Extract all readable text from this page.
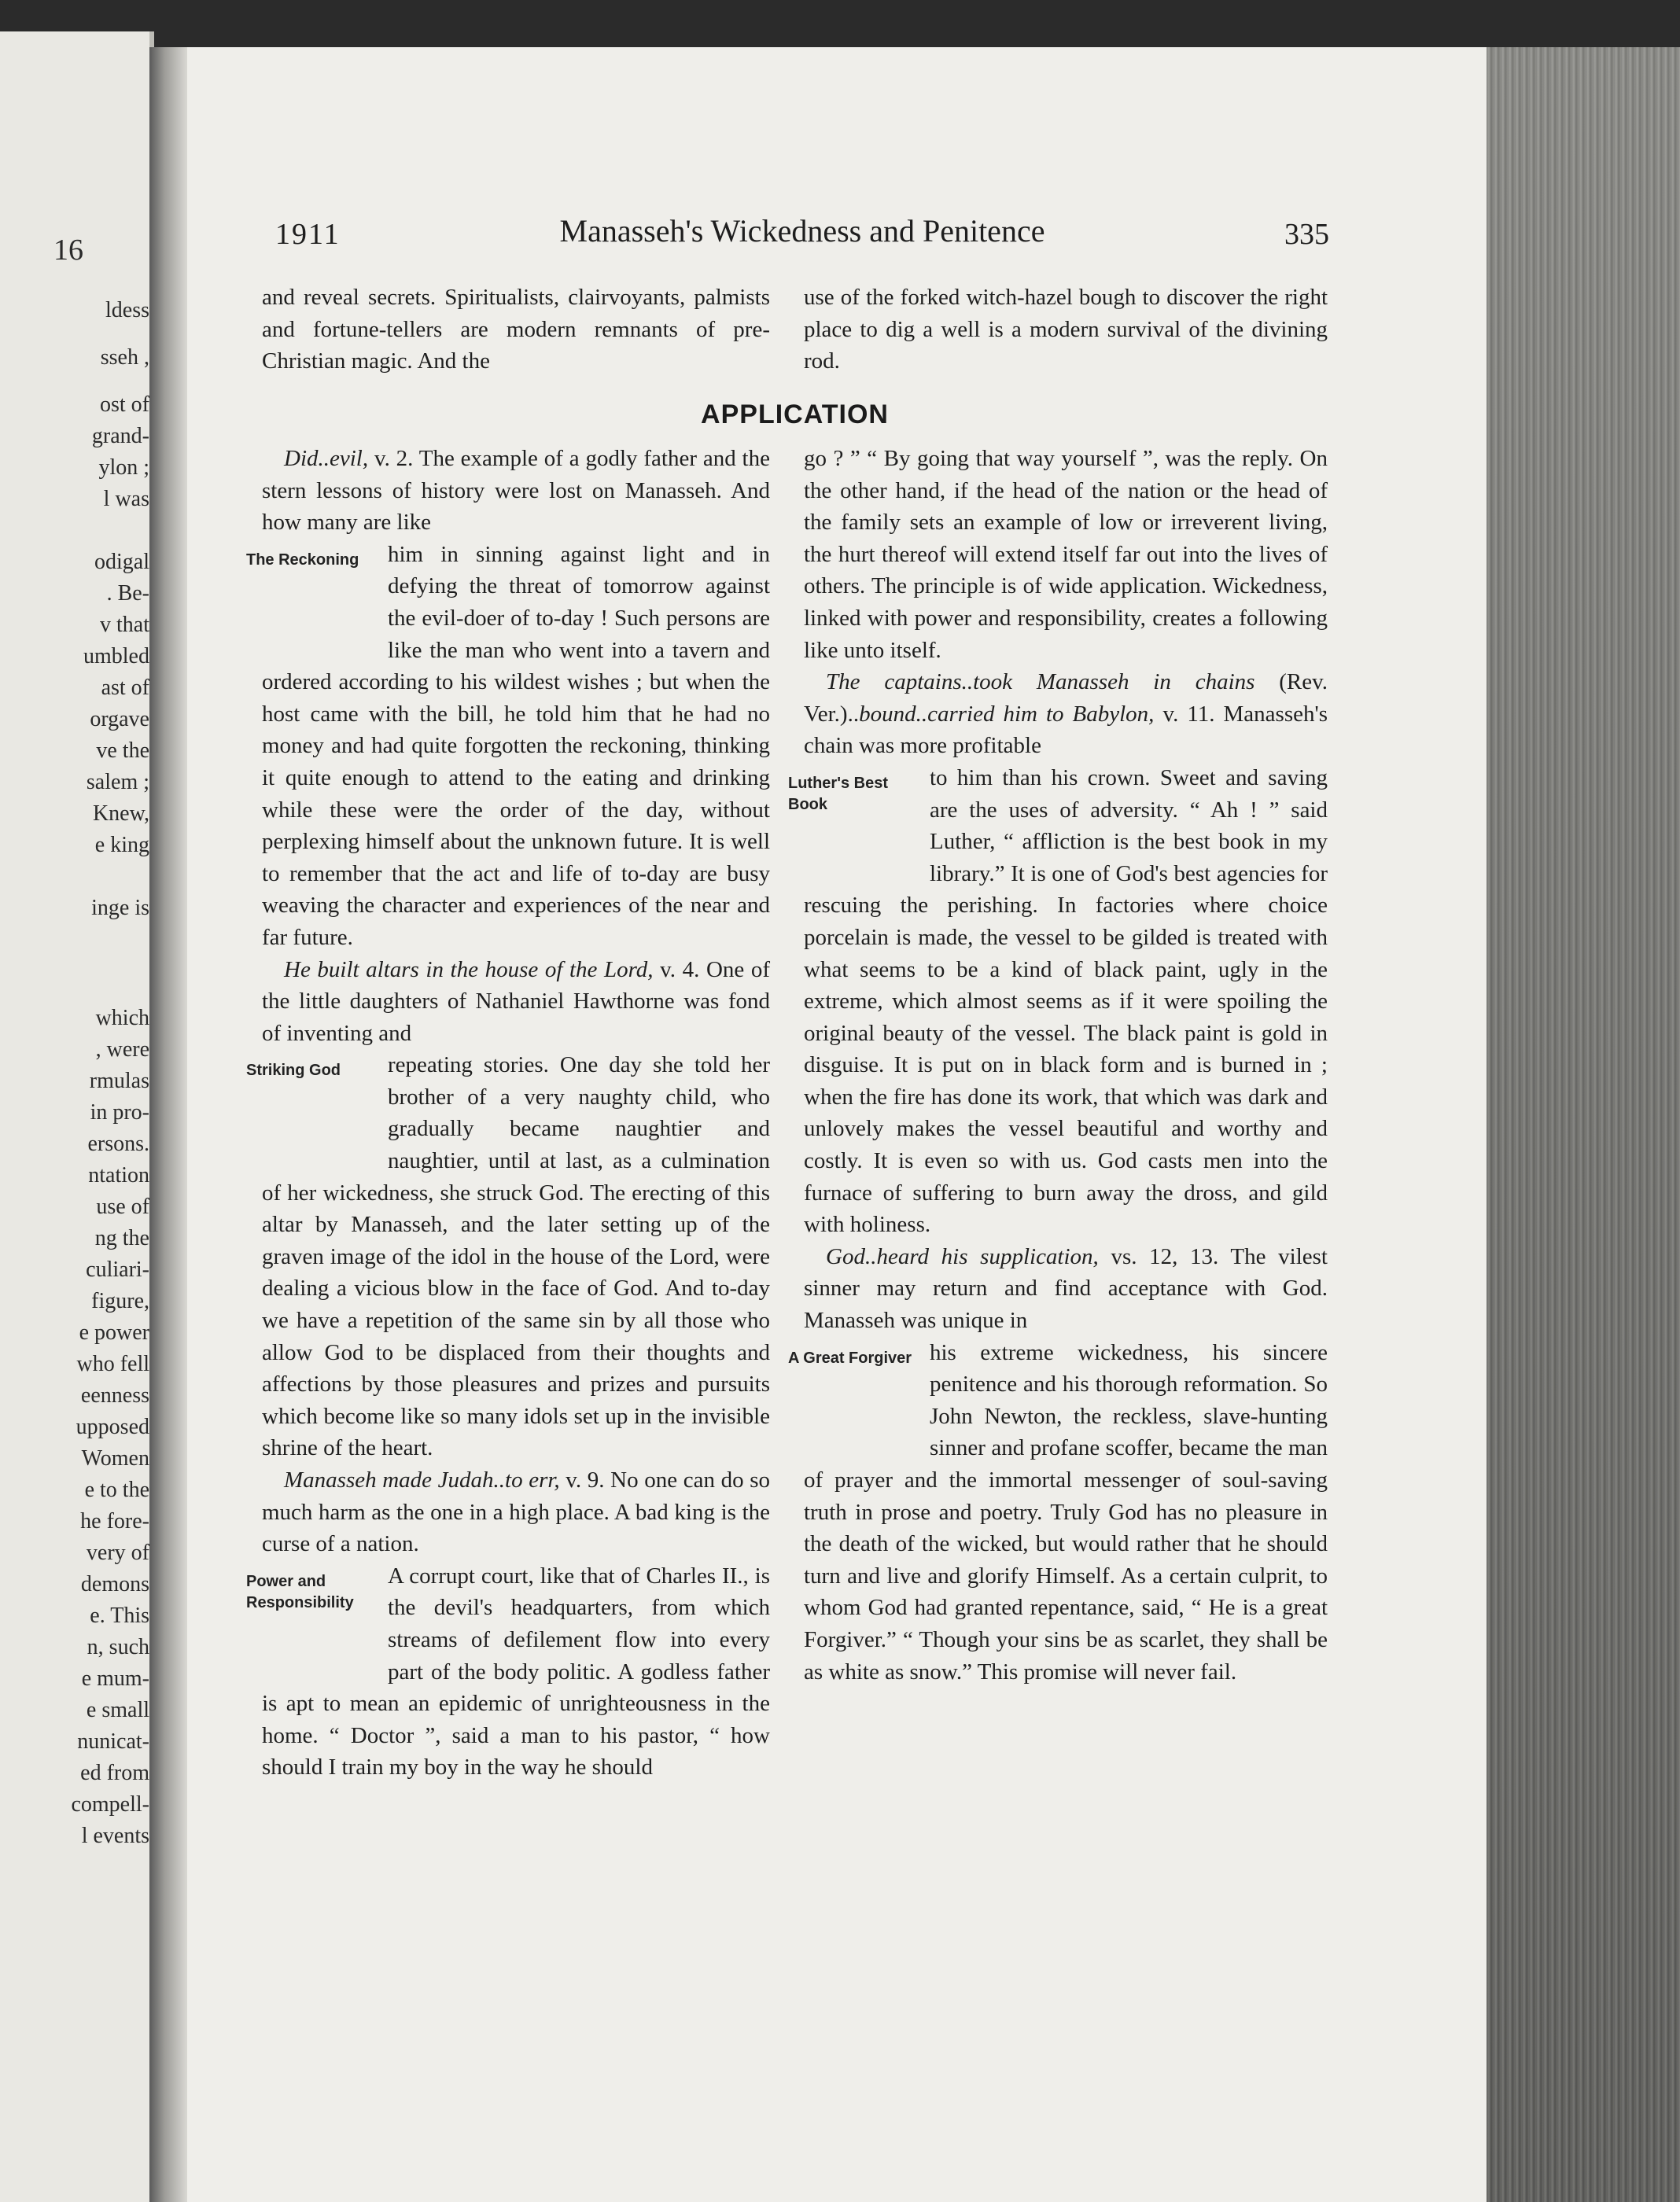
16
ldess
sseh ,
ost of
grand-
ylon ;
l was
odigal
. Be-
v that
umbled
ast of
orgave
ve the
salem ;
Knew,
e king
inge is
which
, were
rmulas
in pro-
ersons.
ntation
use of
ng the
culiari-
figure,
e power
who fell
eenness
upposed
Women
e to the
he fore-
very of
demons
e. This
n, such
e mum-
e small
nunicat-
ed from
compell-
l events
1911	Manasseh's Wickedness and Penitence	335

and reveal secrets. Spiritualists, clairvoyants, palmists and fortune-tellers are modern remnants of pre-Christian magic. And the

use of the forked witch-hazel bough to discover the right place to dig a well is a modern survival of the divining rod.

APPLICATION

Did..evil, v. 2. The example of a godly father and the stern lessons of history were lost on Manasseh. And how many are like

The Reckoning	him in sinning against light and in defying the threat of tomorrow against the evil-doer of to-day ! Such persons are like the man who went into a tavern and ordered according to his wildest wishes ; but when the host came with the bill, he told him that he had no money and had quite forgotten the reckoning, thinking it quite enough to attend to the eating and drinking while these were the order of the day, without perplexing himself about the unknown future. It is well to remember that the act and life of to-day are busy weaving the character and experiences of the near and far future.

He built altars in the house of the Lord, v. 4. One of the little daughters of Nathaniel Hawthorne was fond of inventing and

Striking God	repeating stories. One day she told her brother of a very naughty child, who gradually became naughtier and naughtier, until at last, as a culmination of her wickedness, she struck God. The erecting of this altar by Manasseh, and the later setting up of the graven image of the idol in the house of the Lord, were dealing a vicious blow in the face of God. And to-day we have a repetition of the same sin by all those who allow God to be displaced from their thoughts and affections by those pleasures and prizes and pursuits which become like so many idols set up in the invisible shrine of the heart.

Manasseh made Judah..to err, v. 9. No one can do so much harm as the one in a high place. A bad king is the curse of a nation.

Power and Responsibility
A corrupt court, like that of Charles II., is the devil's headquarters, from which streams of defilement flow into every part of the body politic. A godless father is apt to mean an epidemic of unrighteousness in the home. “ Doctor ”, said a man to his pastor, “ how should I train my boy in the way he should

go ? ” “ By going that way yourself ”, was the reply. On the other hand, if the head of the nation or the head of the family sets an example of low or irreverent living, the hurt thereof will extend itself far out into the lives of others. The principle is of wide application. Wickedness, linked with power and responsibility, creates a following like unto itself.

The captains..took Manasseh in chains (Rev. Ver.)..bound..carried him to Babylon, v. 11. Manasseh's chain was more profitable

Luther's Best Book
to him than his crown. Sweet and saving are the uses of adversity. “ Ah ! ” said Luther, “ affliction is the best book in my library.” It is one of God's best agencies for rescuing the perishing. In factories where choice porcelain is made, the vessel to be gilded is treated with what seems to be a kind of black paint, ugly in the extreme, which almost seems as if it were spoiling the original beauty of the vessel. The black paint is gold in disguise. It is put on in black form and is burned in ; when the fire has done its work, that which was dark and unlovely makes the vessel beautiful and worthy and costly. It is even so with us. God casts men into the furnace of suffering to burn away the dross, and gild with holiness.

God..heard his supplication, vs. 12, 13. The vilest sinner may return and find acceptance with God. Manasseh was unique in

A Great Forgiver his extreme wickedness, his sincere penitence and his thorough reformation. So John Newton, the reckless, slave-hunting sinner and profane scoffer, became the man of prayer and the immortal messenger of soul-saving truth in prose and poetry. Truly God has no pleasure in the death of the wicked, but would rather that he should turn and live and glorify Himself. As a certain culprit, to whom God had granted repentance, said, “ He is a great Forgiver.” “ Though your sins be as scarlet, they shall be as white as snow.” This promise will never fail.
